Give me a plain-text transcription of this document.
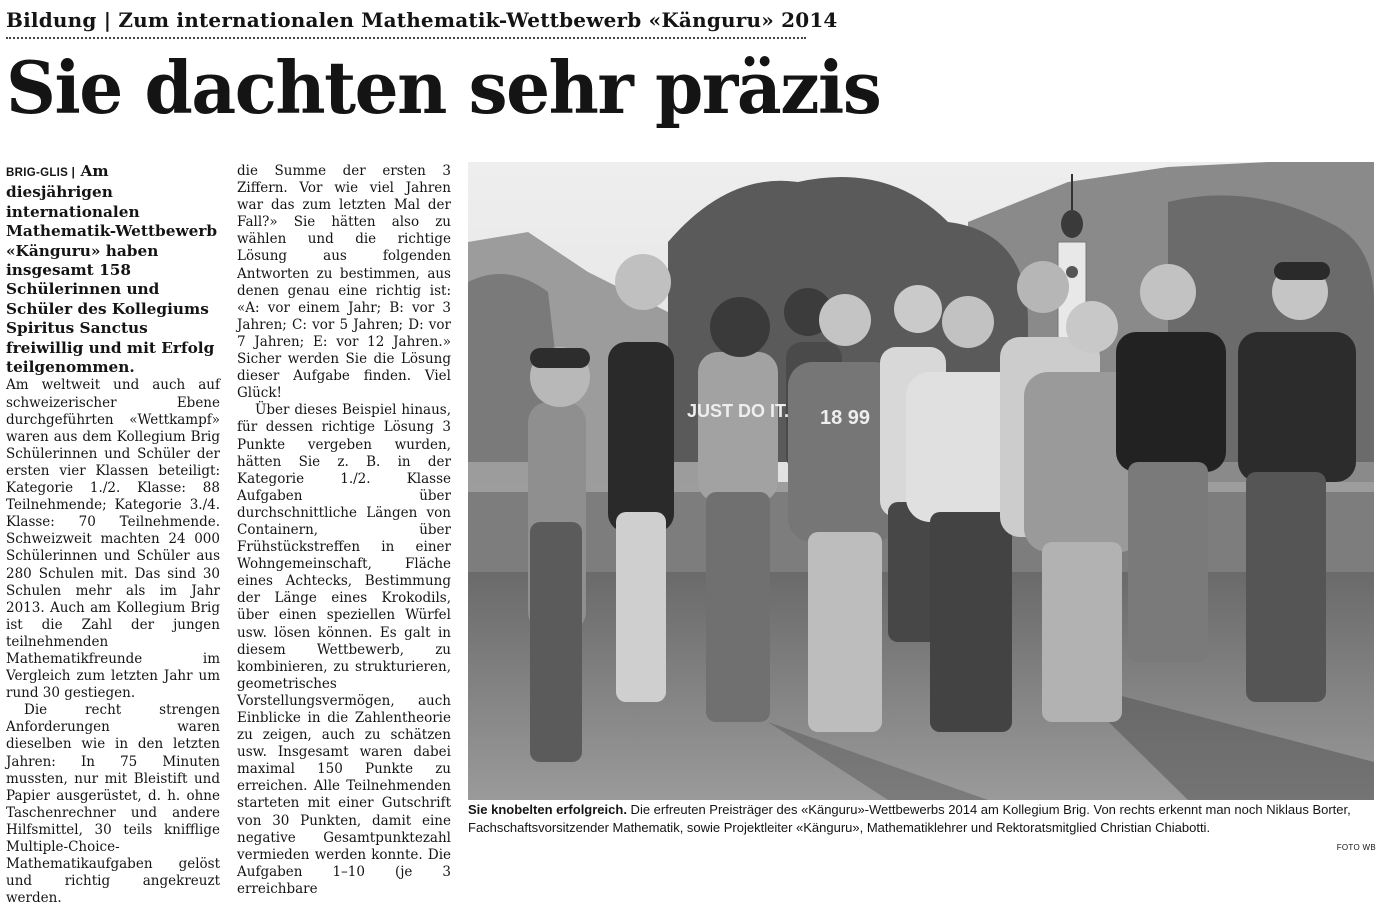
Bildung | Zum internationalen Mathematik-Wettbewerb «Känguru» 2014
Sie dachten sehr präzis

BRIG-GLIS | Am diesjährigen internationalen Mathematik-Wettbewerb «Känguru» haben insgesamt 158 Schülerinnen und Schüler des Kollegiums Spiritus Sanctus freiwillig und mit Erfolg teilgenommen.

Am weltweit und auch auf schweizerischer Ebene durchgeführten «Wettkampf» waren aus dem Kollegium Brig Schülerinnen und Schüler der ersten vier Klassen beteiligt: Kategorie 1./2. Klasse: 88 Teilnehmende; Kategorie 3./4. Klasse: 70 Teilnehmende. Schweizweit machten 24 000 Schülerinnen und Schüler aus 280 Schulen mit. Das sind 30 Schulen mehr als im Jahr 2013. Auch am Kollegium Brig ist die Zahl der jungen teilnehmenden Mathematikfreunde im Vergleich zum letzten Jahr um rund 30 gestiegen.

Die recht strengen Anforderungen waren dieselben wie in den letzten Jahren: In 75 Minuten mussten, nur mit Bleistift und Papier ausgerüstet, d. h. ohne Taschenrechner und andere Hilfsmittel, 30 teils knifflige Multiple-Choice-Mathematikaufgaben gelöst und richtig angekreuzt werden.

die Summe der ersten 3 Ziffern. Vor wie viel Jahren war das zum letzten Mal der Fall?» Sie hätten also zu wählen und die richtige Lösung aus folgenden Antworten zu bestimmen, aus denen genau eine richtig ist: «A: vor einem Jahr; B: vor 3 Jahren; C: vor 5 Jahren; D: vor 7 Jahren; E: vor 12 Jahren.» Sicher werden Sie die Lösung dieser Aufgabe finden. Viel Glück!

Über dieses Beispiel hinaus, für dessen richtige Lösung 3 Punkte vergeben wurden, hätten Sie z. B. in der Kategorie 1./2. Klasse Aufgaben über durchschnittliche Längen von Containern, über Frühstückstreffen in einer Wohngemeinschaft, Fläche eines Achtecks, Bestimmung der Länge eines Krokodils, über einen speziellen Würfel usw. lösen können. Es galt in diesem Wettbewerb, zu kombinieren, zu strukturieren, geometrisches Vorstellungsvermögen, auch Einblicke in die Zahlentheorie zu zeigen, auch zu schätzen usw. Insgesamt waren dabei maximal 150 Punkte zu erreichen. Alle Teilnehmenden starteten mit einer Gutschrift von 30 Punkten, damit eine negative Gesamtpunktezahl vermieden werden konnte. Die Aufgaben 1–10 (je 3 erreichbare

JUST DO IT. 18 99
Sie knobelten erfolgreich. Die erfreuten Preisträger des «Känguru»-Wettbewerbs 2014 am Kollegium Brig. Von rechts erkennt man noch Niklaus Borter, Fachschaftsvorsitzender Mathematik, sowie Projektleiter «Känguru», Mathematiklehrer und Rektoratsmitglied Christian Chiabotti.
FOTO WB
